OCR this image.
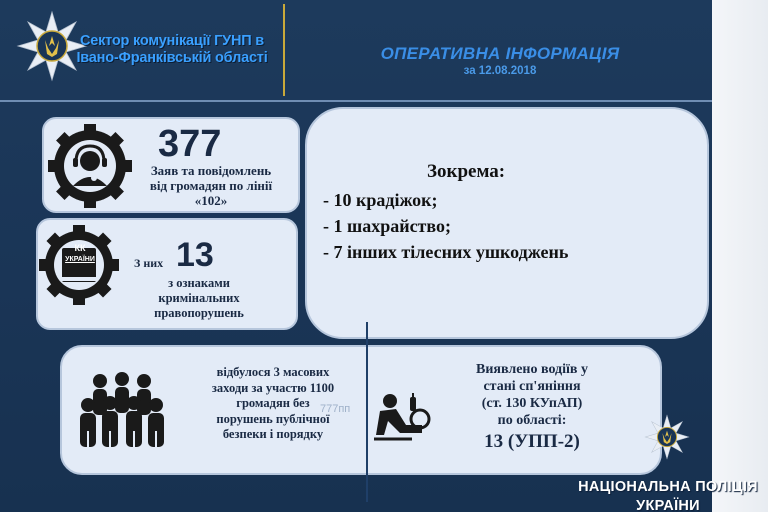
Сектор комунікації ГУНП в
Івано-Франківській області	ОПЕРАТИВНА ІНФОРМАЦІЯ
за 12.08.2018
377
Заяв та повідомлень
від громадян по лінії
«102»
КК
УКРАЇНИ	З них 13
з ознаками
кримінальних
правопорушень
Зокрема:
- 10 крадіжок;
- 1 шахрайство;
- 7 інших тілесних ушкоджень
відбулося 3 масових
заходи за участю 1100
громадян без
порушень публічної
безпеки і порядку
Виявлено водіїв у
стані сп'яніння
(ст. 130 КУпАП)
по області:
13 (УПП-2)
777пп
НАЦІОНАЛЬНА ПОЛІЦІЯ
УКРАЇНИ
